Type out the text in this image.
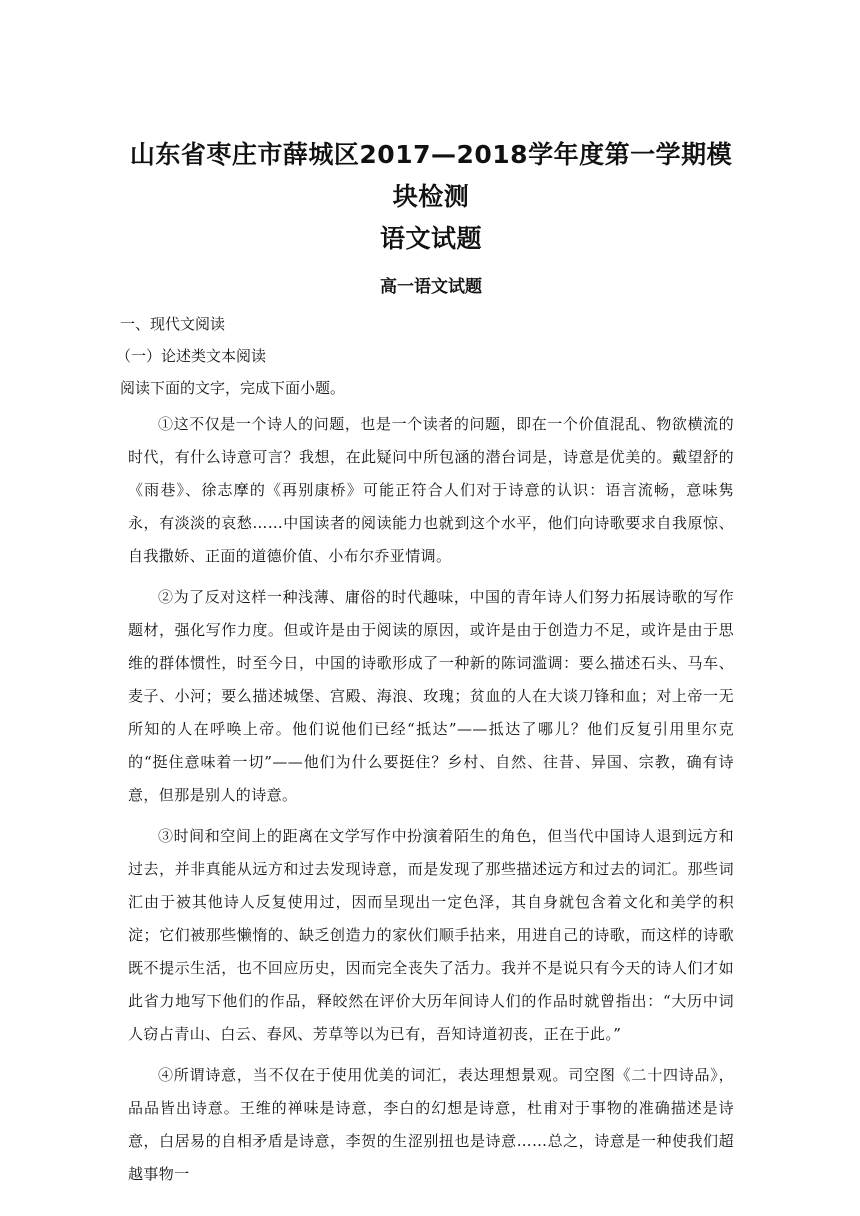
山东省枣庄市薛城区2017—2018学年度第一学期模块检测
语文试题
高一语文试题
一、现代文阅读
（一）论述类文本阅读
阅读下面的文字，完成下面小题。
①这不仅是一个诗人的问题，也是一个读者的问题，即在一个价值混乱、物欲横流的时代，有什么诗意可言？我想，在此疑问中所包涵的潜台词是，诗意是优美的。戴望舒的《雨巷》、徐志摩的《再别康桥》可能正符合人们对于诗意的认识：语言流畅，意味隽永，有淡淡的哀愁……中国读者的阅读能力也就到这个水平，他们向诗歌要求自我原惊、自我撒娇、正面的道德价值、小布尔乔亚情调。
②为了反对这样一种浅薄、庸俗的时代趣味，中国的青年诗人们努力拓展诗歌的写作题材，强化写作力度。但或许是由于阅读的原因，或许是由于创造力不足，或许是由于思维的群体惯性，时至今日，中国的诗歌形成了一种新的陈词滥调：要么描述石头、马车、麦子、小河；要么描述城堡、宫殿、海浪、玫瑰；贫血的人在大谈刀锋和血；对上帝一无所知的人在呼唤上帝。他们说他们已经“抵达”——抵达了哪儿？他们反复引用里尔克的“挺住意味着一切”——他们为什么要挺住？乡村、自然、往昔、异国、宗教，确有诗意，但那是别人的诗意。
③时间和空间上的距离在文学写作中扮演着陌生的角色，但当代中国诗人退到远方和过去，并非真能从远方和过去发现诗意，而是发现了那些描述远方和过去的词汇。那些词汇由于被其他诗人反复使用过，因而呈现出一定色泽，其自身就包含着文化和美学的积淀；它们被那些懒惰的、缺乏创造力的家伙们顺手拈来，用进自己的诗歌，而这样的诗歌既不提示生活，也不回应历史，因而完全丧失了活力。我并不是说只有今天的诗人们才如此省力地写下他们的作品，释皎然在评价大历年间诗人们的作品时就曾指出：“大历中词人窃占青山、白云、春风、芳草等以为已有，吾知诗道初丧，正在于此。”
④所谓诗意，当不仅在于使用优美的词汇，表达理想景观。司空图《二十四诗品》，品品皆出诗意。王维的禅味是诗意，李白的幻想是诗意，杜甫对于事物的准确描述是诗意，白居易的自相矛盾是诗意，李贺的生涩别扭也是诗意……总之，诗意是一种使我们超越事物一
